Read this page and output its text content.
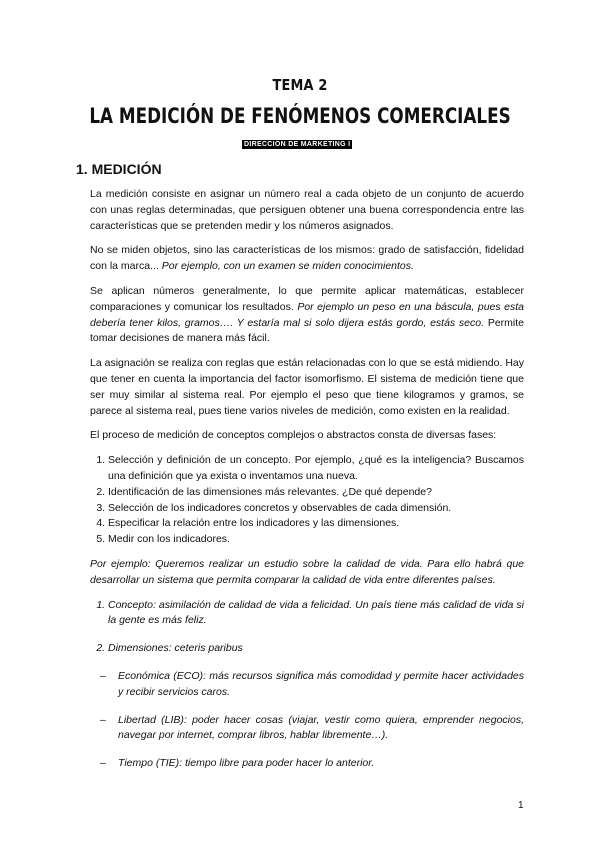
TEMA 2
LA MEDICIÓN DE FENÓMENOS COMERCIALES
DIRECCIÓN DE MARKETING I
1. MEDICIÓN

La medición consiste en asignar un número real a cada objeto de un conjunto de acuerdo con unas reglas determinadas, que persiguen obtener una buena correspondencia entre las características que se pretenden medir y los números asignados.

No se miden objetos, sino las características de los mismos: grado de satisfacción, fidelidad con la marca... Por ejemplo, con un examen se miden conocimientos.

Se aplican números generalmente, lo que permite aplicar matemáticas, establecer comparaciones y comunicar los resultados. Por ejemplo un peso en una báscula, pues esta debería tener kilos, gramos…. Y estaría mal si solo dijera estás gordo, estás seco. Permite tomar decisiones de manera más fácil.

La asignación se realiza con reglas que están relacionadas con lo que se está midiendo. Hay que tener en cuenta la importancia del factor isomorfismo. El sistema de medición tiene que ser muy similar al sistema real. Por ejemplo el peso que tiene kilogramos y gramos, se parece al sistema real, pues tiene varios niveles de medición, como existen en la realidad.

El proceso de medición de conceptos complejos o abstractos consta de diversas fases:

1. Selección y definición de un concepto. Por ejemplo, ¿qué es la inteligencia? Buscamos una definición que ya exista o inventamos una nueva.
2. Identificación de las dimensiones más relevantes. ¿De qué depende?
3. Selección de los indicadores concretos y observables de cada dimensión.
4. Especificar la relación entre los indicadores y las dimensiones.
5. Medir con los indicadores.

Por ejemplo: Queremos realizar un estudio sobre la calidad de vida. Para ello habrá que desarrollar un sistema que permita comparar la calidad de vida entre diferentes países.

1. Concepto: asimilación de calidad de vida a felicidad. Un país tiene más calidad de vida si la gente es más feliz.
2. Dimensiones: ceteris paribus
– Económica (ECO): más recursos significa más comodidad y permite hacer actividades y recibir servicios caros.
– Libertad (LIB): poder hacer cosas (viajar, vestir como quiera, emprender negocios, navegar por internet, comprar libros, hablar libremente…).
– Tiempo (TIE): tiempo libre para poder hacer lo anterior.
1
